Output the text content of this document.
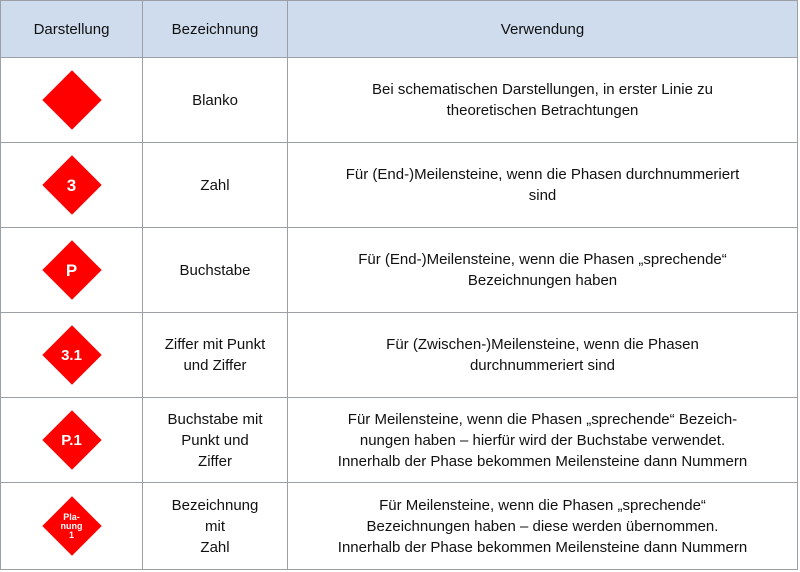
Darstellung	Bezeichnung	Verwendung

	Blanko	Bei schematischen Darstellungen, in erster Linie zu
theoretischen Betrachtungen

3	Zahl	Für (End-)Meilensteine, wenn die Phasen durchnummeriert
sind

P	Buchstabe	Für (End-)Meilensteine, wenn die Phasen „sprechende“
Bezeichnungen haben

3.1	Ziffer mit Punkt
und Ziffer	Für (Zwischen-)Meilensteine, wenn die Phasen
durchnummeriert sind

P.1	Buchstabe mit
Punkt und
Ziffer	Für Meilensteine, wenn die Phasen „sprechende“ Bezeich-
nungen haben – hierfür wird der Buchstabe verwendet.
Innerhalb der Phase bekommen Meilensteine dann Nummern

Pla-
nung
1	Bezeichnung
mit
Zahl	Für Meilensteine, wenn die Phasen „sprechende“
Bezeichnungen haben – diese werden übernommen.
Innerhalb der Phase bekommen Meilensteine dann Nummern
